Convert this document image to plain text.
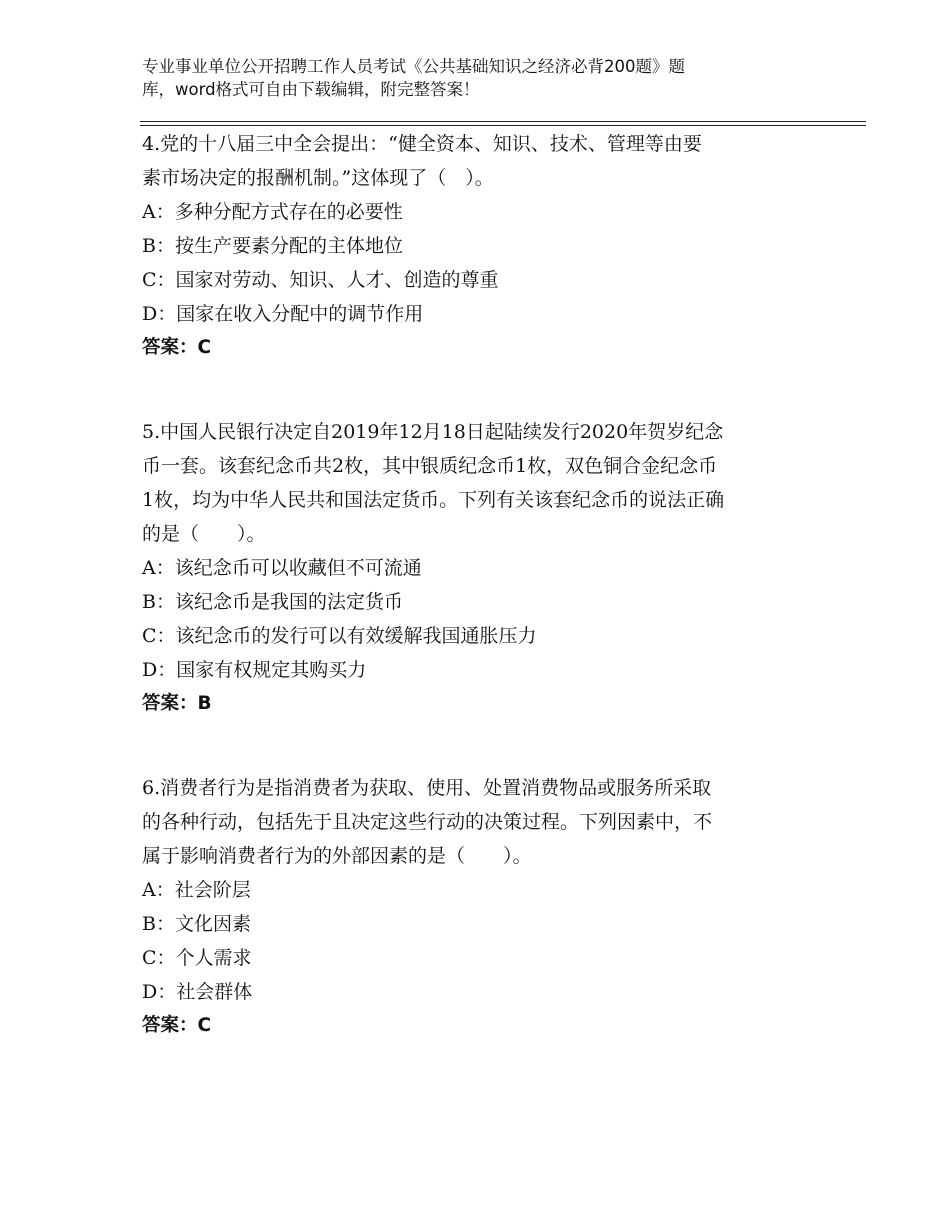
专业事业单位公开招聘工作人员考试《公共基础知识之经济必背200题》题
库，word格式可自由下载编辑，附完整答案！
4.党的十八届三中全会提出：“健全资本、知识、技术、管理等由要
素市场决定的报酬机制。”这体现了（　）。
A：多种分配方式存在的必要性
B：按生产要素分配的主体地位
C：国家对劳动、知识、人才、创造的尊重
D：国家在收入分配中的调节作用
答案：C
5.中国人民银行决定自2019年12月18日起陆续发行2020年贺岁纪念
币一套。该套纪念币共2枚，其中银质纪念币1枚，双色铜合金纪念币
1枚，均为中华人民共和国法定货币。下列有关该套纪念币的说法正确
的是（　　）。
A：该纪念币可以收藏但不可流通
B：该纪念币是我国的法定货币
C：该纪念币的发行可以有效缓解我国通胀压力
D：国家有权规定其购买力
答案：B
6.消费者行为是指消费者为获取、使用、处置消费物品或服务所采取
的各种行动，包括先于且决定这些行动的决策过程。下列因素中，不
属于影响消费者行为的外部因素的是（　　）。
A：社会阶层
B：文化因素
C：个人需求
D：社会群体
答案：C
